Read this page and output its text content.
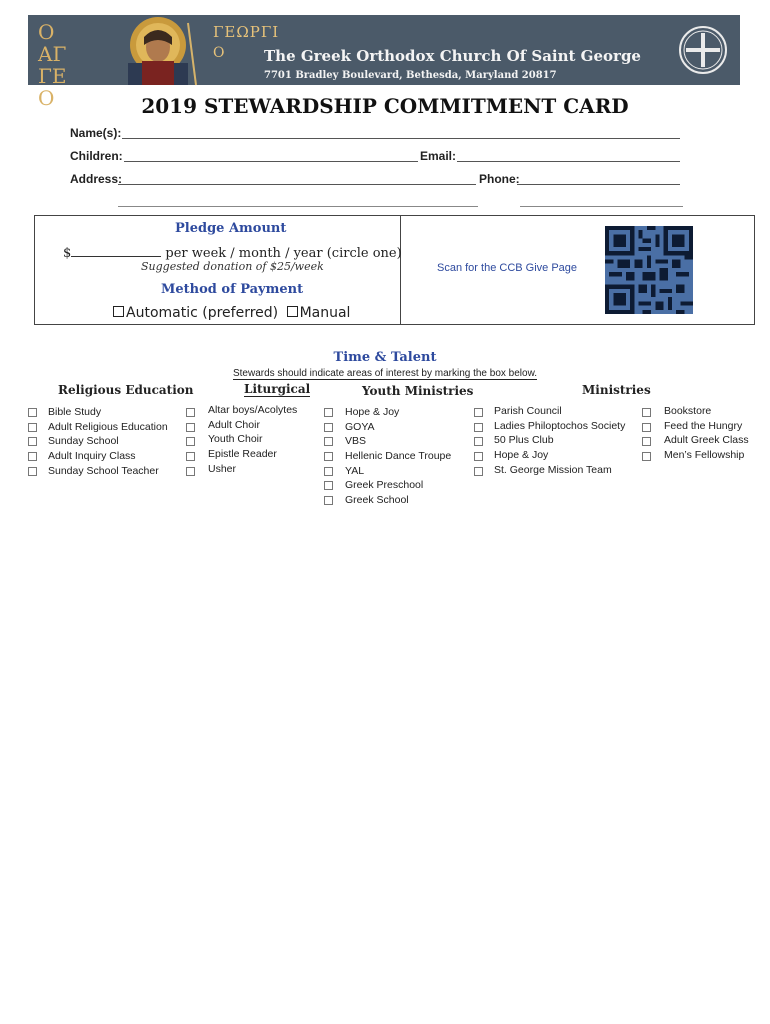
Ο ΑΓ
ΓΕ
Ο
ΓΕΩΡΓΙ
Ο	The Greek Orthodox Church Of Saint George
7701 Bradley Boulevard, Bethesda, Maryland 20817
2019 STEWARDSHIP COMMITMENT CARD
Name(s):
Children:	Email:
Address:	Phone:
Pledge Amount
$	per week / month / year (circle one)
Suggested donation of $25/week
Method of Payment
Automatic (preferred) Manual
Scan for the CCB Give Page
Time & Talent
Stewards should indicate areas of interest by marking the box below.
Religious Education	Liturgical	Youth Ministries	Ministries
Bible Study
Adult Religious Education
Sunday School
Adult Inquiry Class
Sunday School Teacher
Altar boys/Acolytes
Adult Choir
Youth Choir
Epistle Reader
Usher
Hope & Joy
GOYA
VBS
Hellenic Dance Troupe
YAL
Greek Preschool
Greek School
Parish Council
Ladies Philoptochos Society
50 Plus Club
Hope & Joy
St. George Mission Team
Bookstore
Feed the Hungry
Adult Greek Class
Men’s Fellowship
